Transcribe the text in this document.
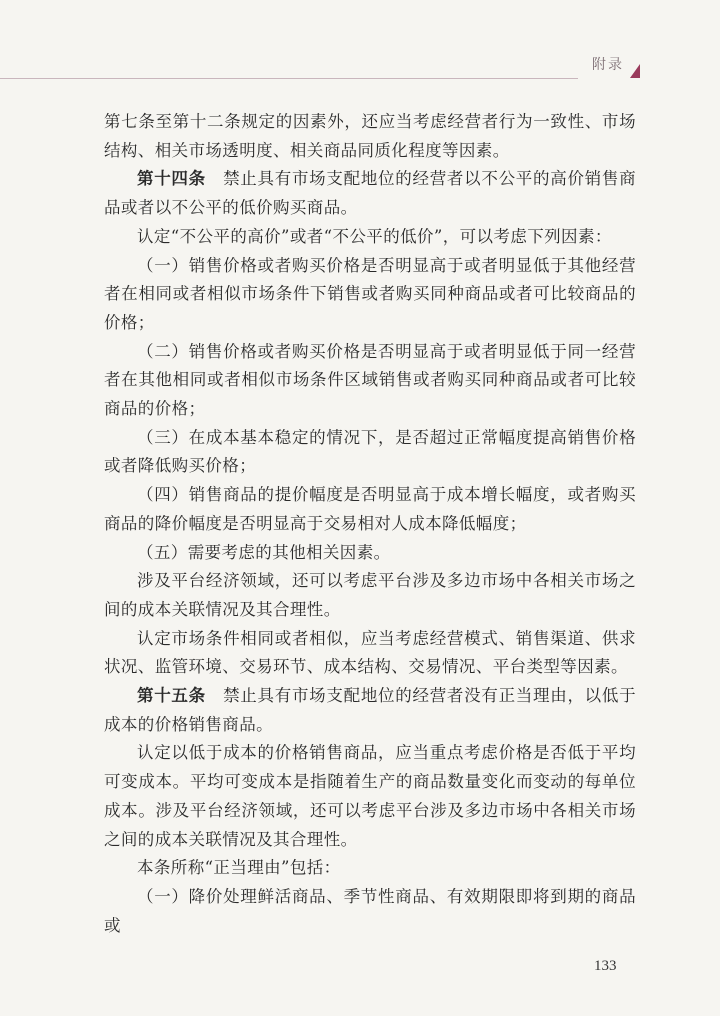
附录

第七条至第十二条规定的因素外，还应当考虑经营者行为一致性、市场结构、相关市场透明度、相关商品同质化程度等因素。

第十四条　禁止具有市场支配地位的经营者以不公平的高价销售商品或者以不公平的低价购买商品。

认定“不公平的高价”或者“不公平的低价”，可以考虑下列因素：

（一）销售价格或者购买价格是否明显高于或者明显低于其他经营者在相同或者相似市场条件下销售或者购买同种商品或者可比较商品的价格；

（二）销售价格或者购买价格是否明显高于或者明显低于同一经营者在其他相同或者相似市场条件区域销售或者购买同种商品或者可比较商品的价格；

（三）在成本基本稳定的情况下，是否超过正常幅度提高销售价格或者降低购买价格；

（四）销售商品的提价幅度是否明显高于成本增长幅度，或者购买商品的降价幅度是否明显高于交易相对人成本降低幅度；

（五）需要考虑的其他相关因素。

涉及平台经济领域，还可以考虑平台涉及多边市场中各相关市场之间的成本关联情况及其合理性。

认定市场条件相同或者相似，应当考虑经营模式、销售渠道、供求状况、监管环境、交易环节、成本结构、交易情况、平台类型等因素。

第十五条　禁止具有市场支配地位的经营者没有正当理由，以低于成本的价格销售商品。

认定以低于成本的价格销售商品，应当重点考虑价格是否低于平均可变成本。平均可变成本是指随着生产的商品数量变化而变动的每单位成本。涉及平台经济领域，还可以考虑平台涉及多边市场中各相关市场之间的成本关联情况及其合理性。

本条所称“正当理由”包括：

（一）降价处理鲜活商品、季节性商品、有效期限即将到期的商品或

133
